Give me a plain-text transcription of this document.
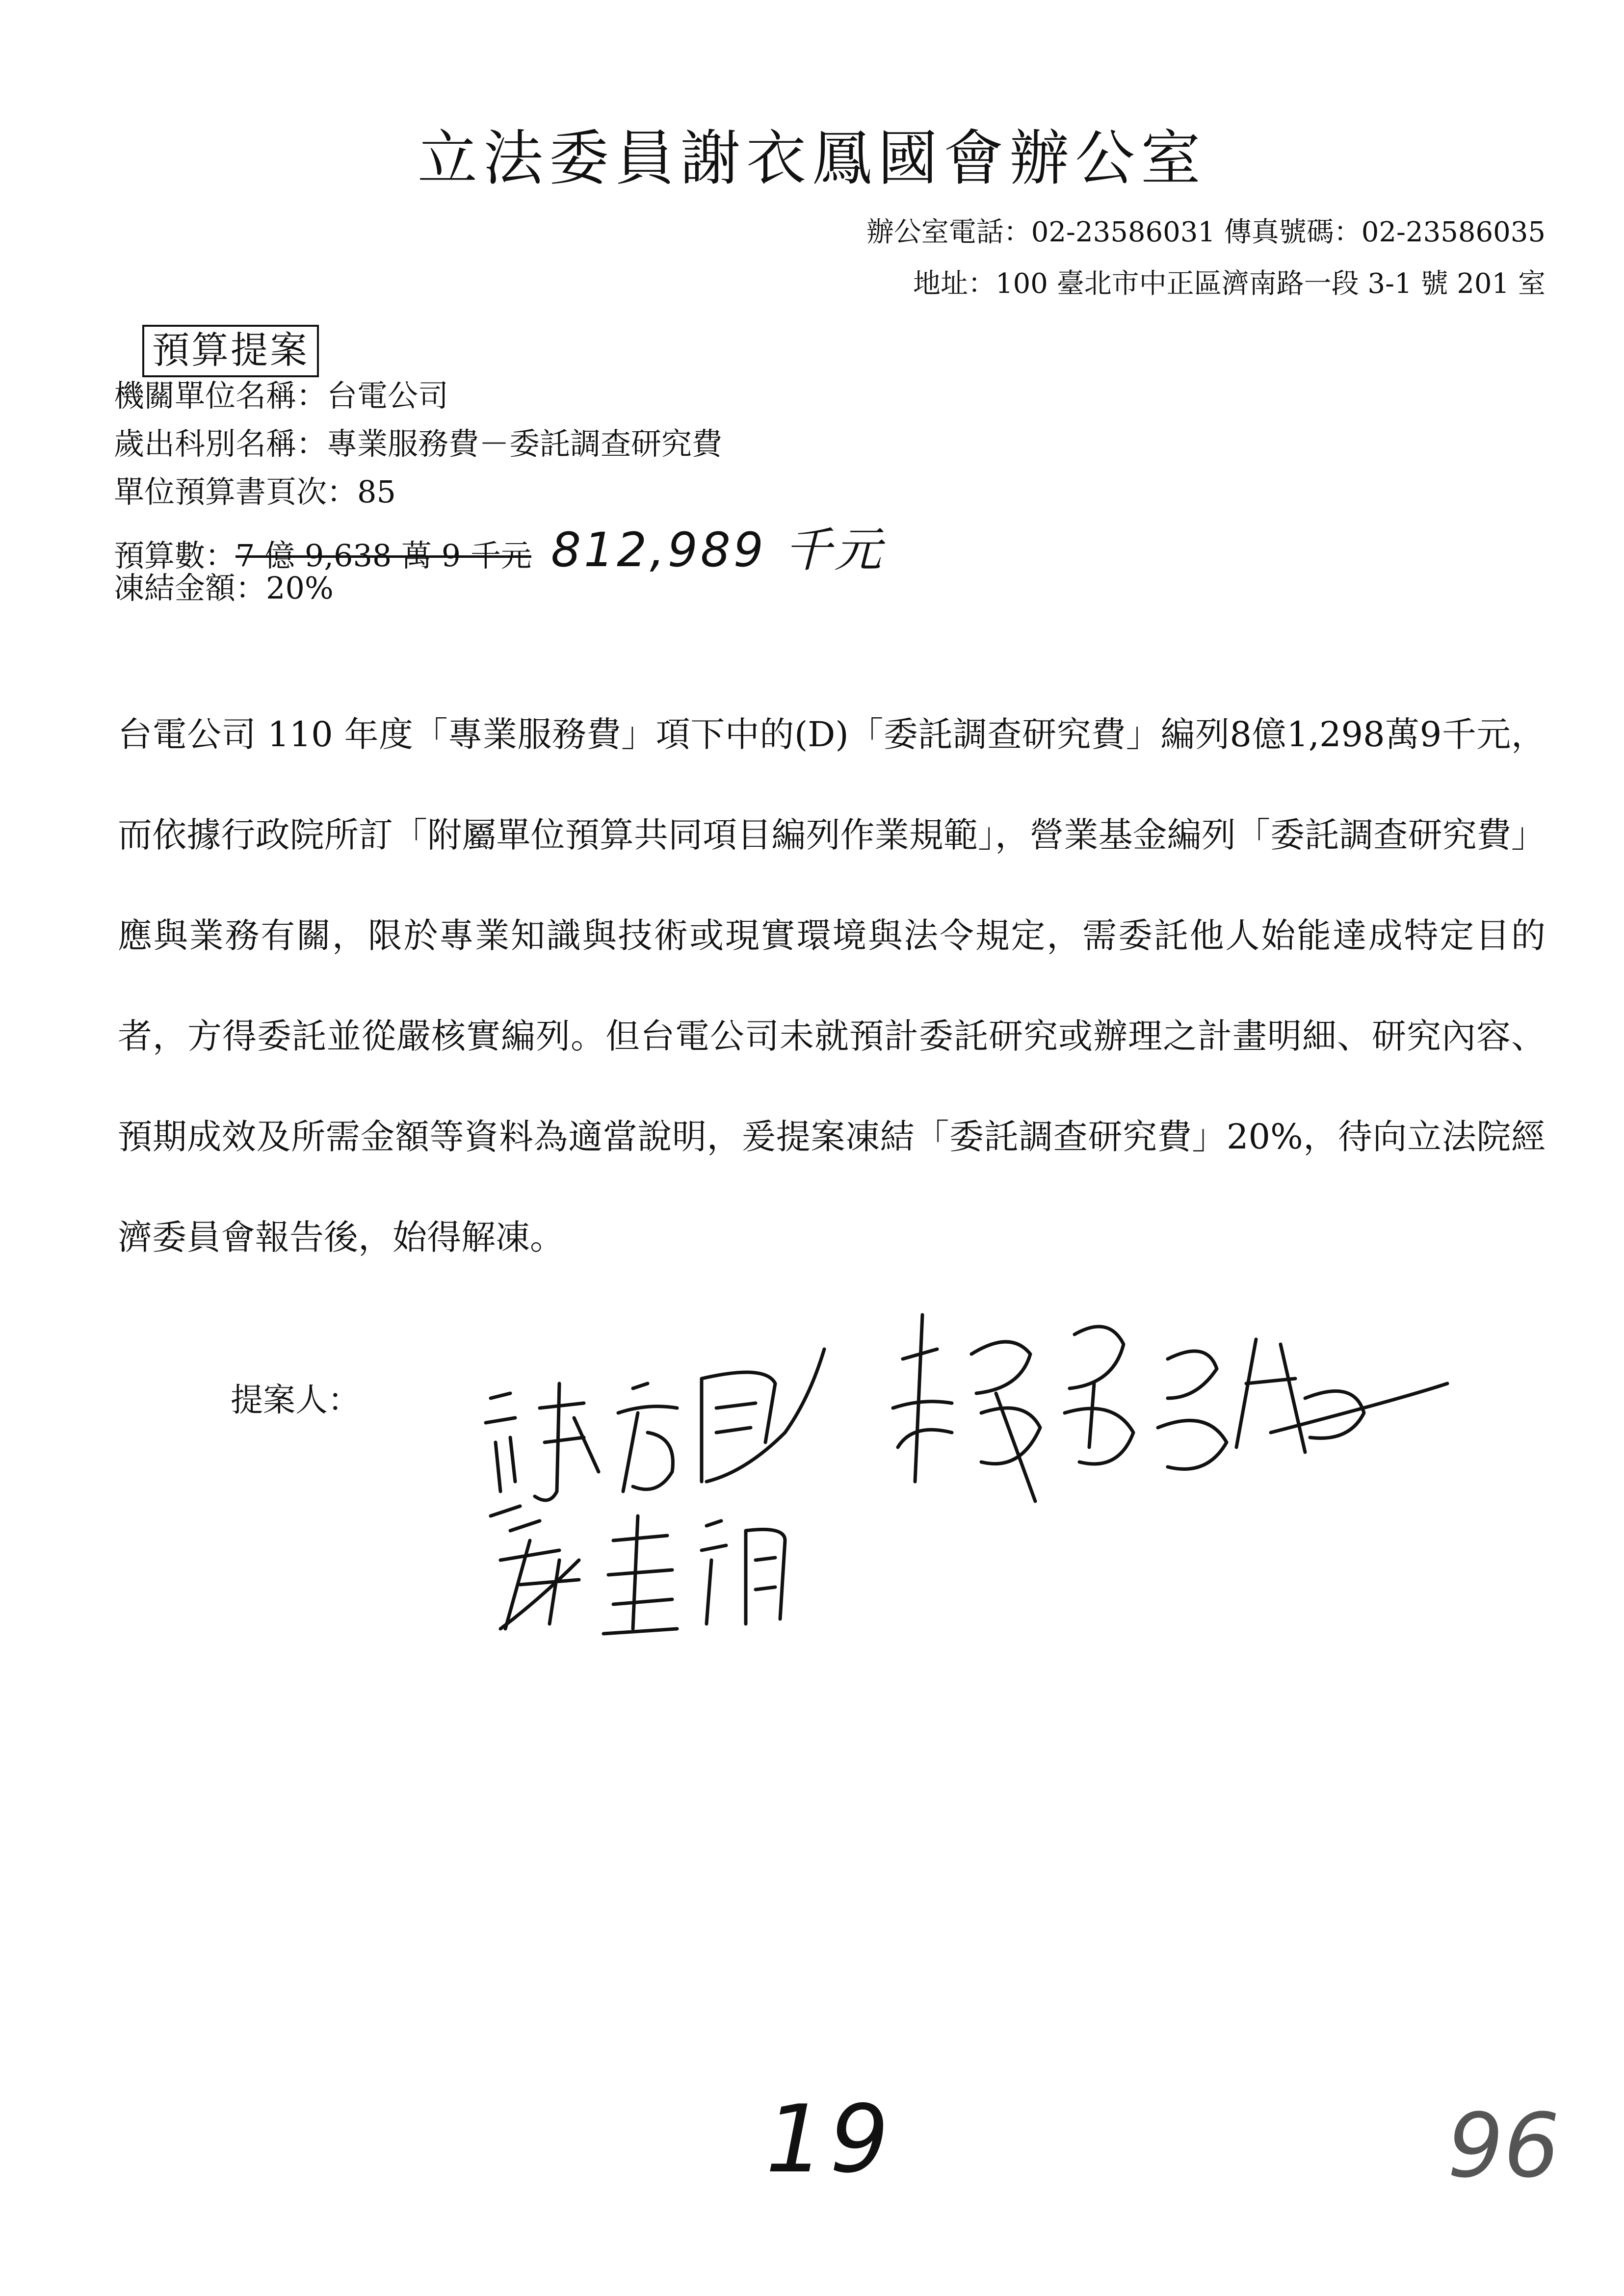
立法委員謝衣鳳國會辦公室
辦公室電話：02-23586031 傳真號碼：02-23586035
地址：100 臺北市中正區濟南路一段 3-1 號 201 室
預算提案
機關單位名稱：台電公司
歲出科別名稱：專業服務費－委託調查研究費
單位預算書頁次：85
預算數：7 億 9,638 萬 9 千元 812,989 千元
凍結金額：20%

台電公司 110 年度「專業服務費」項下中的(D)「委託調查研究費」編列8億1,298萬9千元，而依據行政院所訂「附屬單位預算共同項目編列作業規範」，營業基金編列「委託調查研究費」應與業務有關，限於專業知識與技術或現實環境與法令規定，需委託他人始能達成特定目的者，方得委託並從嚴核實編列。但台電公司未就預計委託研究或辦理之計畫明細、研究內容、預期成效及所需金額等資料為適當說明，爰提案凍結「委託調查研究費」20%，待向立法院經濟委員會報告後，始得解凍。

提案人：
19	96
